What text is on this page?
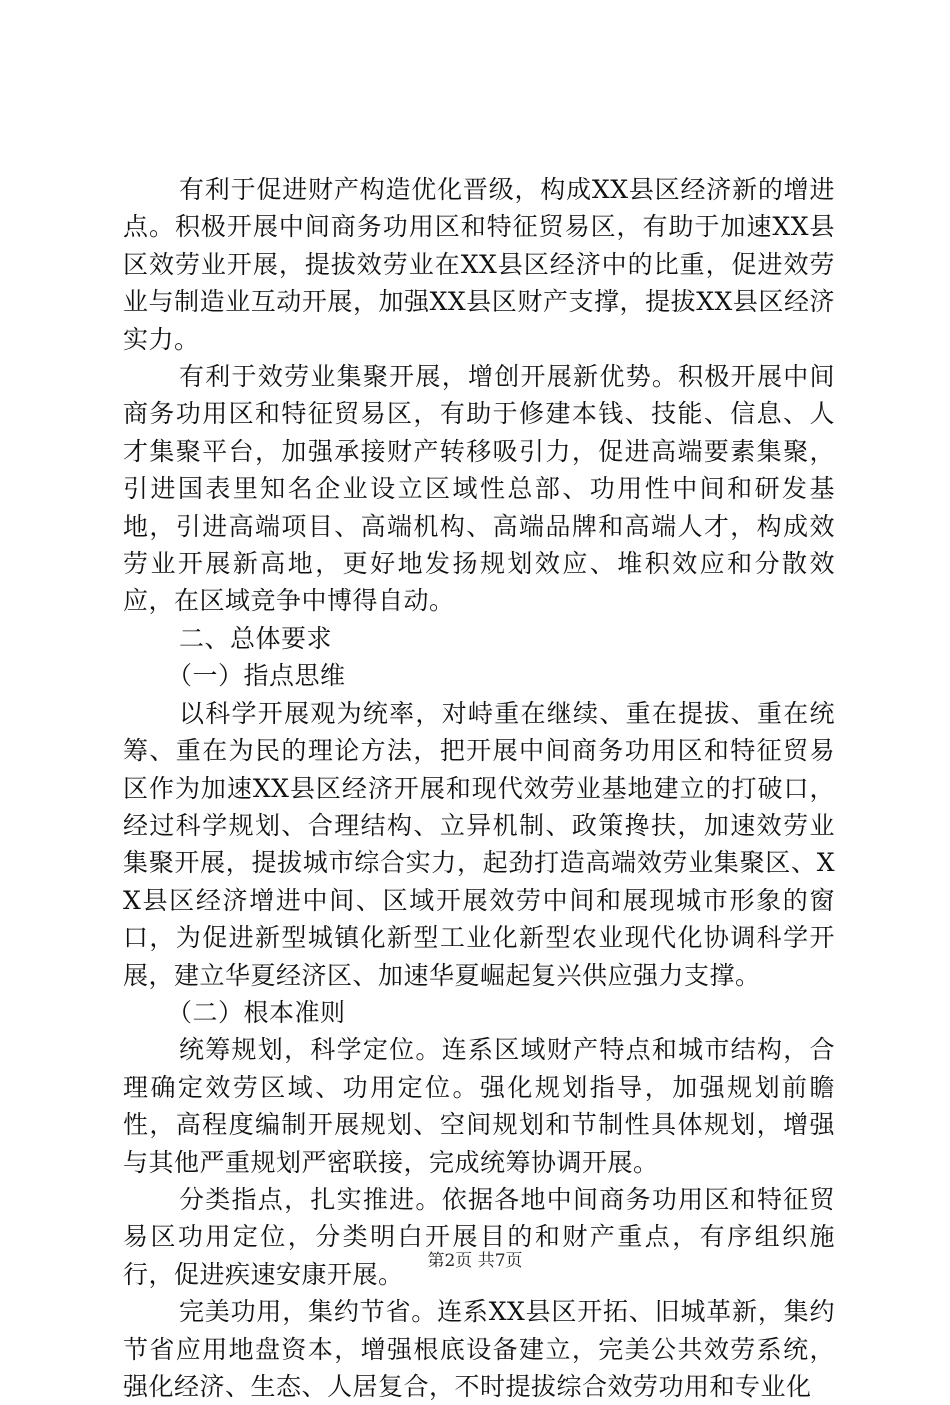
有利于促进财产构造优化晋级，构成XX县区经济新的增进点。积极开展中间商务功用区和特征贸易区，有助于加速XX县区效劳业开展，提拔效劳业在XX县区经济中的比重，促进效劳业与制造业互动开展，加强XX县区财产支撑，提拔XX县区经济实力。

有利于效劳业集聚开展，增创开展新优势。积极开展中间商务功用区和特征贸易区，有助于修建本钱、技能、信息、人才集聚平台，加强承接财产转移吸引力，促进高端要素集聚，引进国表里知名企业设立区域性总部、功用性中间和研发基地，引进高端项目、高端机构、高端品牌和高端人才，构成效劳业开展新高地，更好地发扬规划效应、堆积效应和分散效应，在区域竞争中博得自动。

二、总体要求

（一）指点思维

以科学开展观为统率，对峙重在继续、重在提拔、重在统筹、重在为民的理论方法，把开展中间商务功用区和特征贸易区作为加速XX县区经济开展和现代效劳业基地建立的打破口，经过科学规划、合理结构、立异机制、政策搀扶，加速效劳业集聚开展，提拔城市综合实力，起劲打造高端效劳业集聚区、XX县区经济增进中间、区域开展效劳中间和展现城市形象的窗口，为促进新型城镇化新型工业化新型农业现代化协调科学开展，建立华夏经济区、加速华夏崛起复兴供应强力支撑。

（二）根本准则

统筹规划，科学定位。连系区域财产特点和城市结构，合理确定效劳区域、功用定位。强化规划指导，加强规划前瞻性，高程度编制开展规划、空间规划和节制性具体规划，增强与其他严重规划严密联接，完成统筹协调开展。

分类指点，扎实推进。依据各地中间商务功用区和特征贸易区功用定位，分类明白开展目的和财产重点，有序组织施行，促进疾速安康开展。

完美功用，集约节省。连系XX县区开拓、旧城革新，集约节省应用地盘资本，增强根底设备建立，完美公共效劳系统，强化经济、生态、人居复合，不时提拔综合效劳功用和专业化

第2页 共7页
